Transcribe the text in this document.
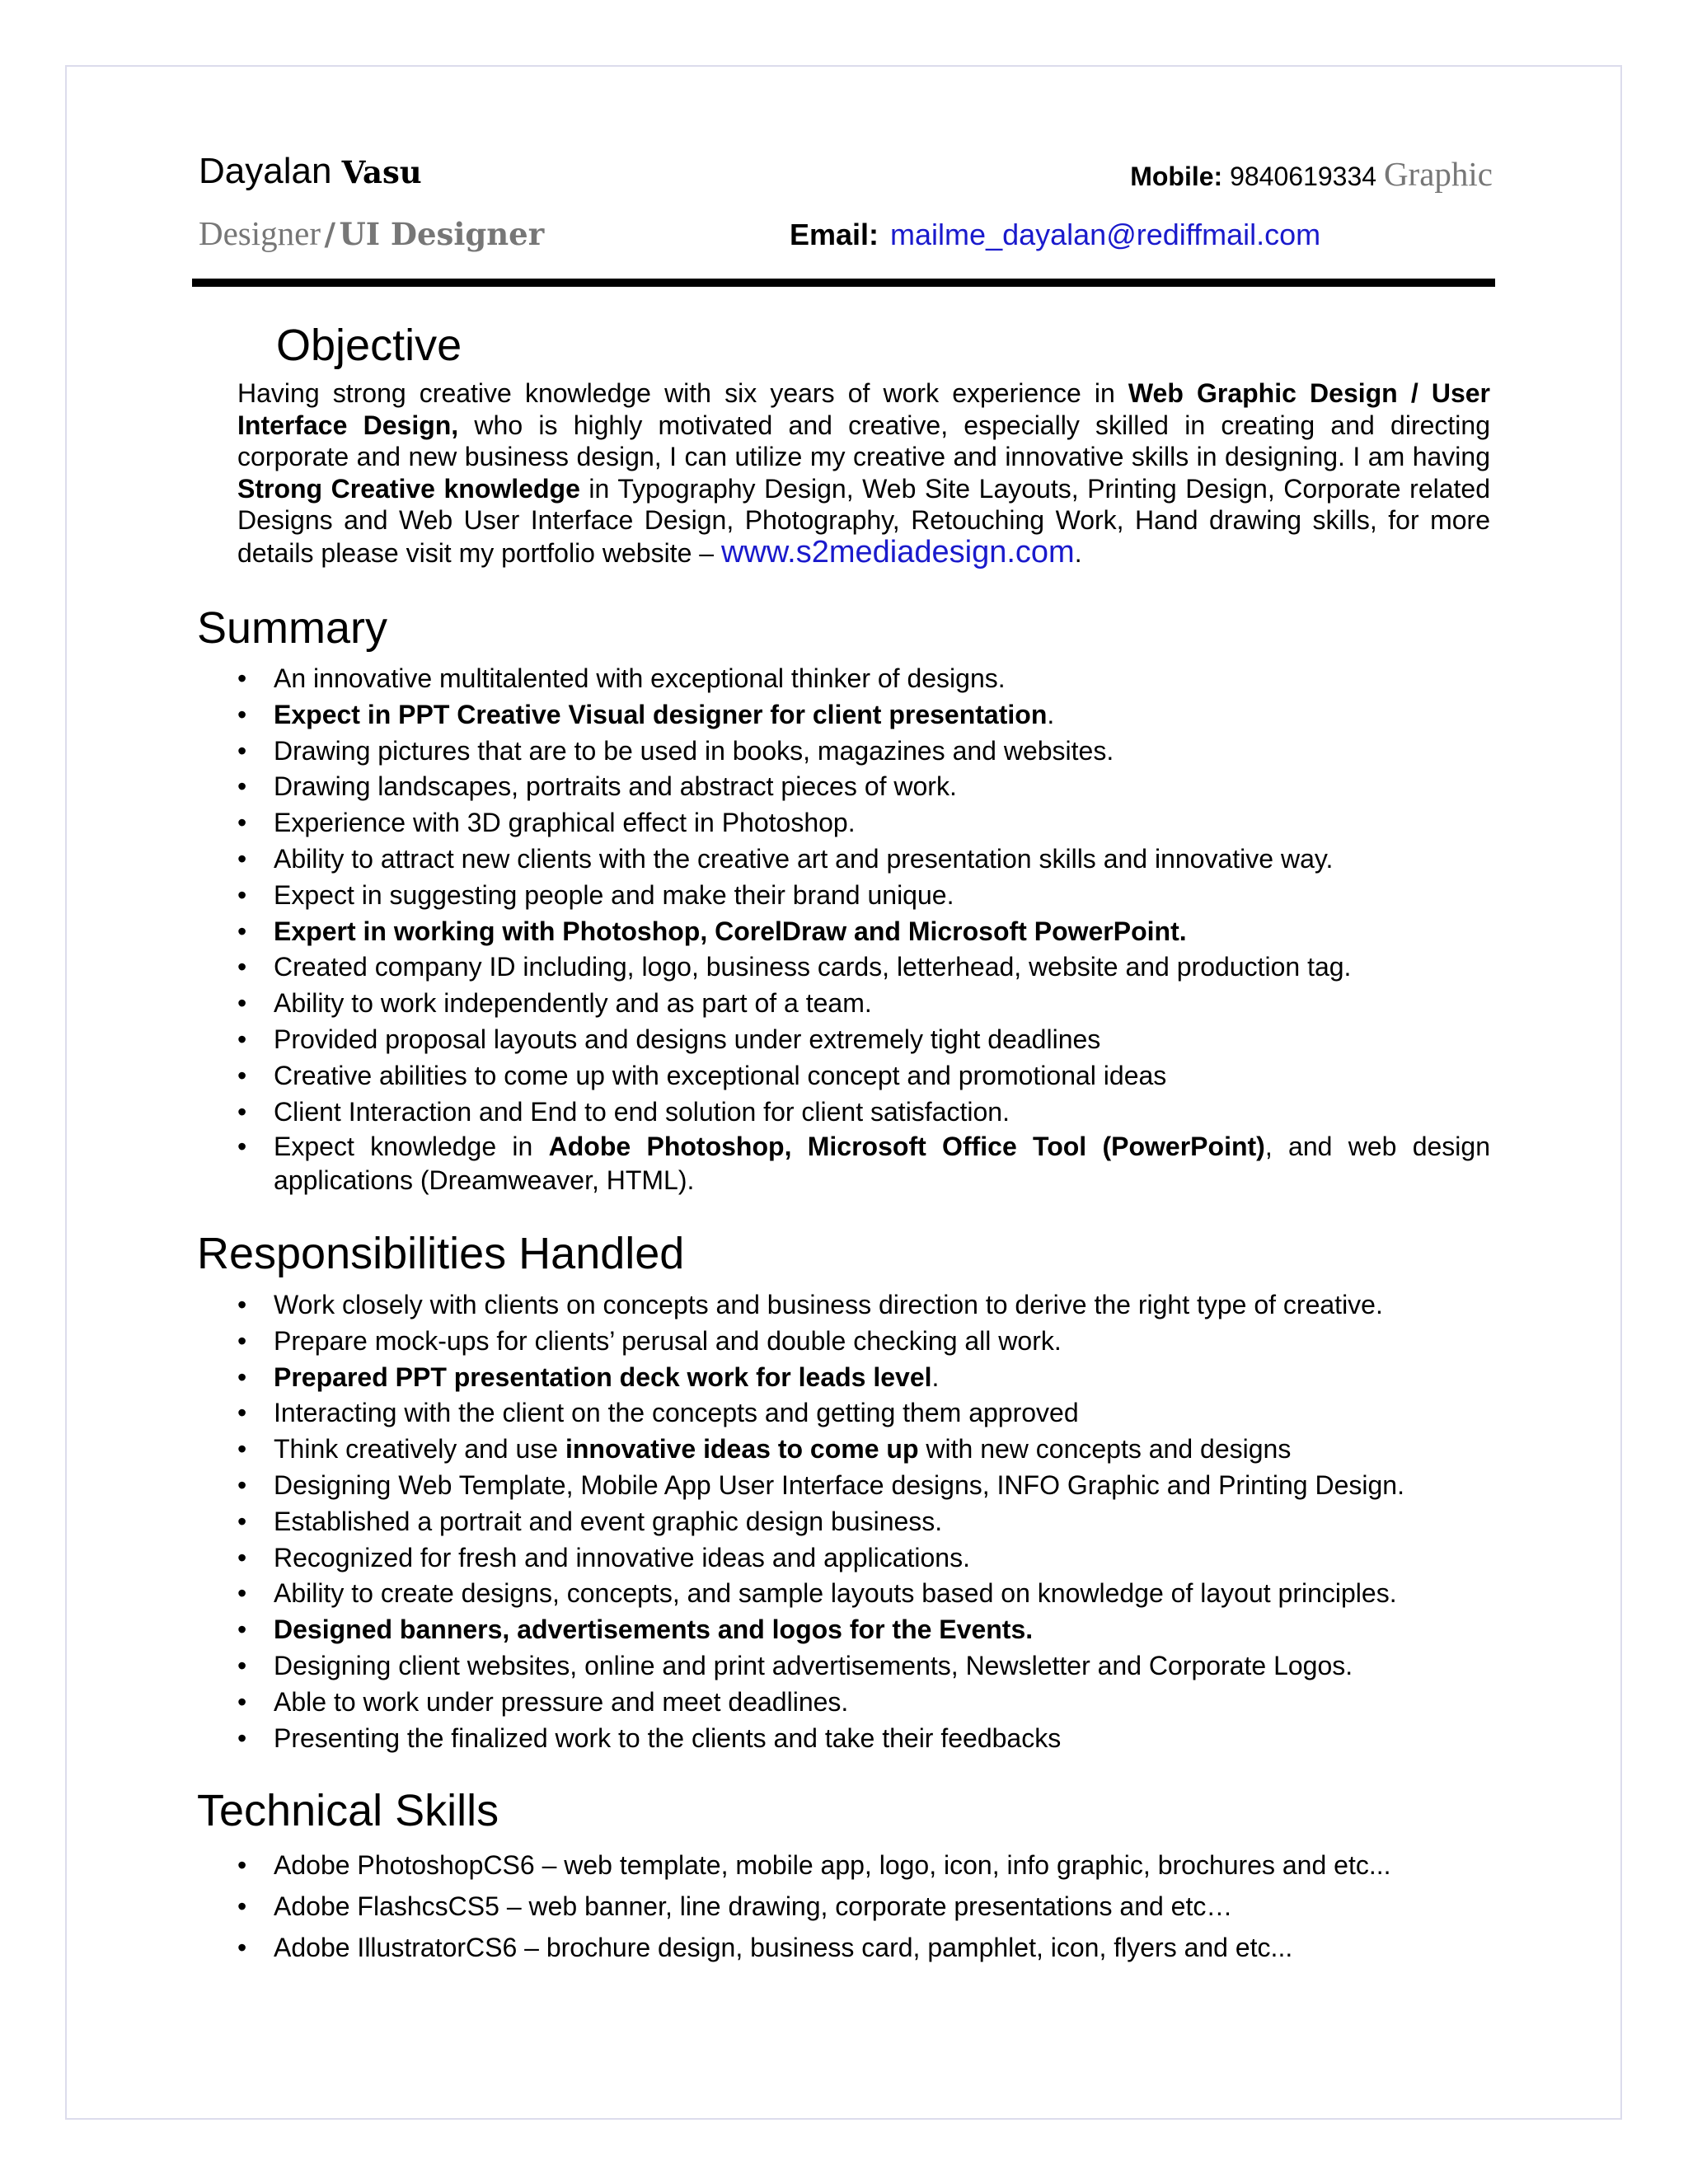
Dayalan Vasu	Mobile: 9840619334 Graphic
Designer / UI Designer	Email: mailme_dayalan@rediffmail.com
Objective
Having strong creative knowledge with six years of work experience in Web Graphic Design / User Interface Design, who is highly motivated and creative, especially skilled in creating and directing corporate and new business design, I can utilize my creative and innovative skills in designing. I am having Strong Creative knowledge in Typography Design, Web Site Layouts, Printing Design, Corporate related Designs and Web User Interface Design, Photography, Retouching Work, Hand drawing skills, for more details please visit my portfolio website – www.s2mediadesign.com.
Summary
• An innovative multitalented with exceptional thinker of designs.
• Expect in PPT Creative Visual designer for client presentation.
• Drawing pictures that are to be used in books, magazines and websites.
• Drawing landscapes, portraits and abstract pieces of work.
• Experience with 3D graphical effect in Photoshop.
• Ability to attract new clients with the creative art and presentation skills and innovative way.
• Expect in suggesting people and make their brand unique.
• Expert in working with Photoshop, CorelDraw and Microsoft PowerPoint.
• Created company ID including, logo, business cards, letterhead, website and production tag.
• Ability to work independently and as part of a team.
• Provided proposal layouts and designs under extremely tight deadlines
• Creative abilities to come up with exceptional concept and promotional ideas
• Client Interaction and End to end solution for client satisfaction.
• Expect knowledge in Adobe Photoshop, Microsoft Office Tool (PowerPoint), and web design applications (Dreamweaver, HTML).
Responsibilities Handled
• Work closely with clients on concepts and business direction to derive the right type of creative.
• Prepare mock-ups for clients’ perusal and double checking all work.
• Prepared PPT presentation deck work for leads level.
• Interacting with the client on the concepts and getting them approved
• Think creatively and use innovative ideas to come up with new concepts and designs
• Designing Web Template, Mobile App User Interface designs, INFO Graphic and Printing Design.
• Established a portrait and event graphic design business.
• Recognized for fresh and innovative ideas and applications.
• Ability to create designs, concepts, and sample layouts based on knowledge of layout principles.
• Designed banners, advertisements and logos for the Events.
• Designing client websites, online and print advertisements, Newsletter and Corporate Logos.
• Able to work under pressure and meet deadlines.
• Presenting the finalized work to the clients and take their feedbacks
Technical Skills
• Adobe PhotoshopCS6 – web template, mobile app, logo, icon, info graphic, brochures and etc...
• Adobe FlashcsCS5 – web banner, line drawing, corporate presentations and etc…
• Adobe IllustratorCS6 – brochure design, business card, pamphlet, icon, flyers and etc...
